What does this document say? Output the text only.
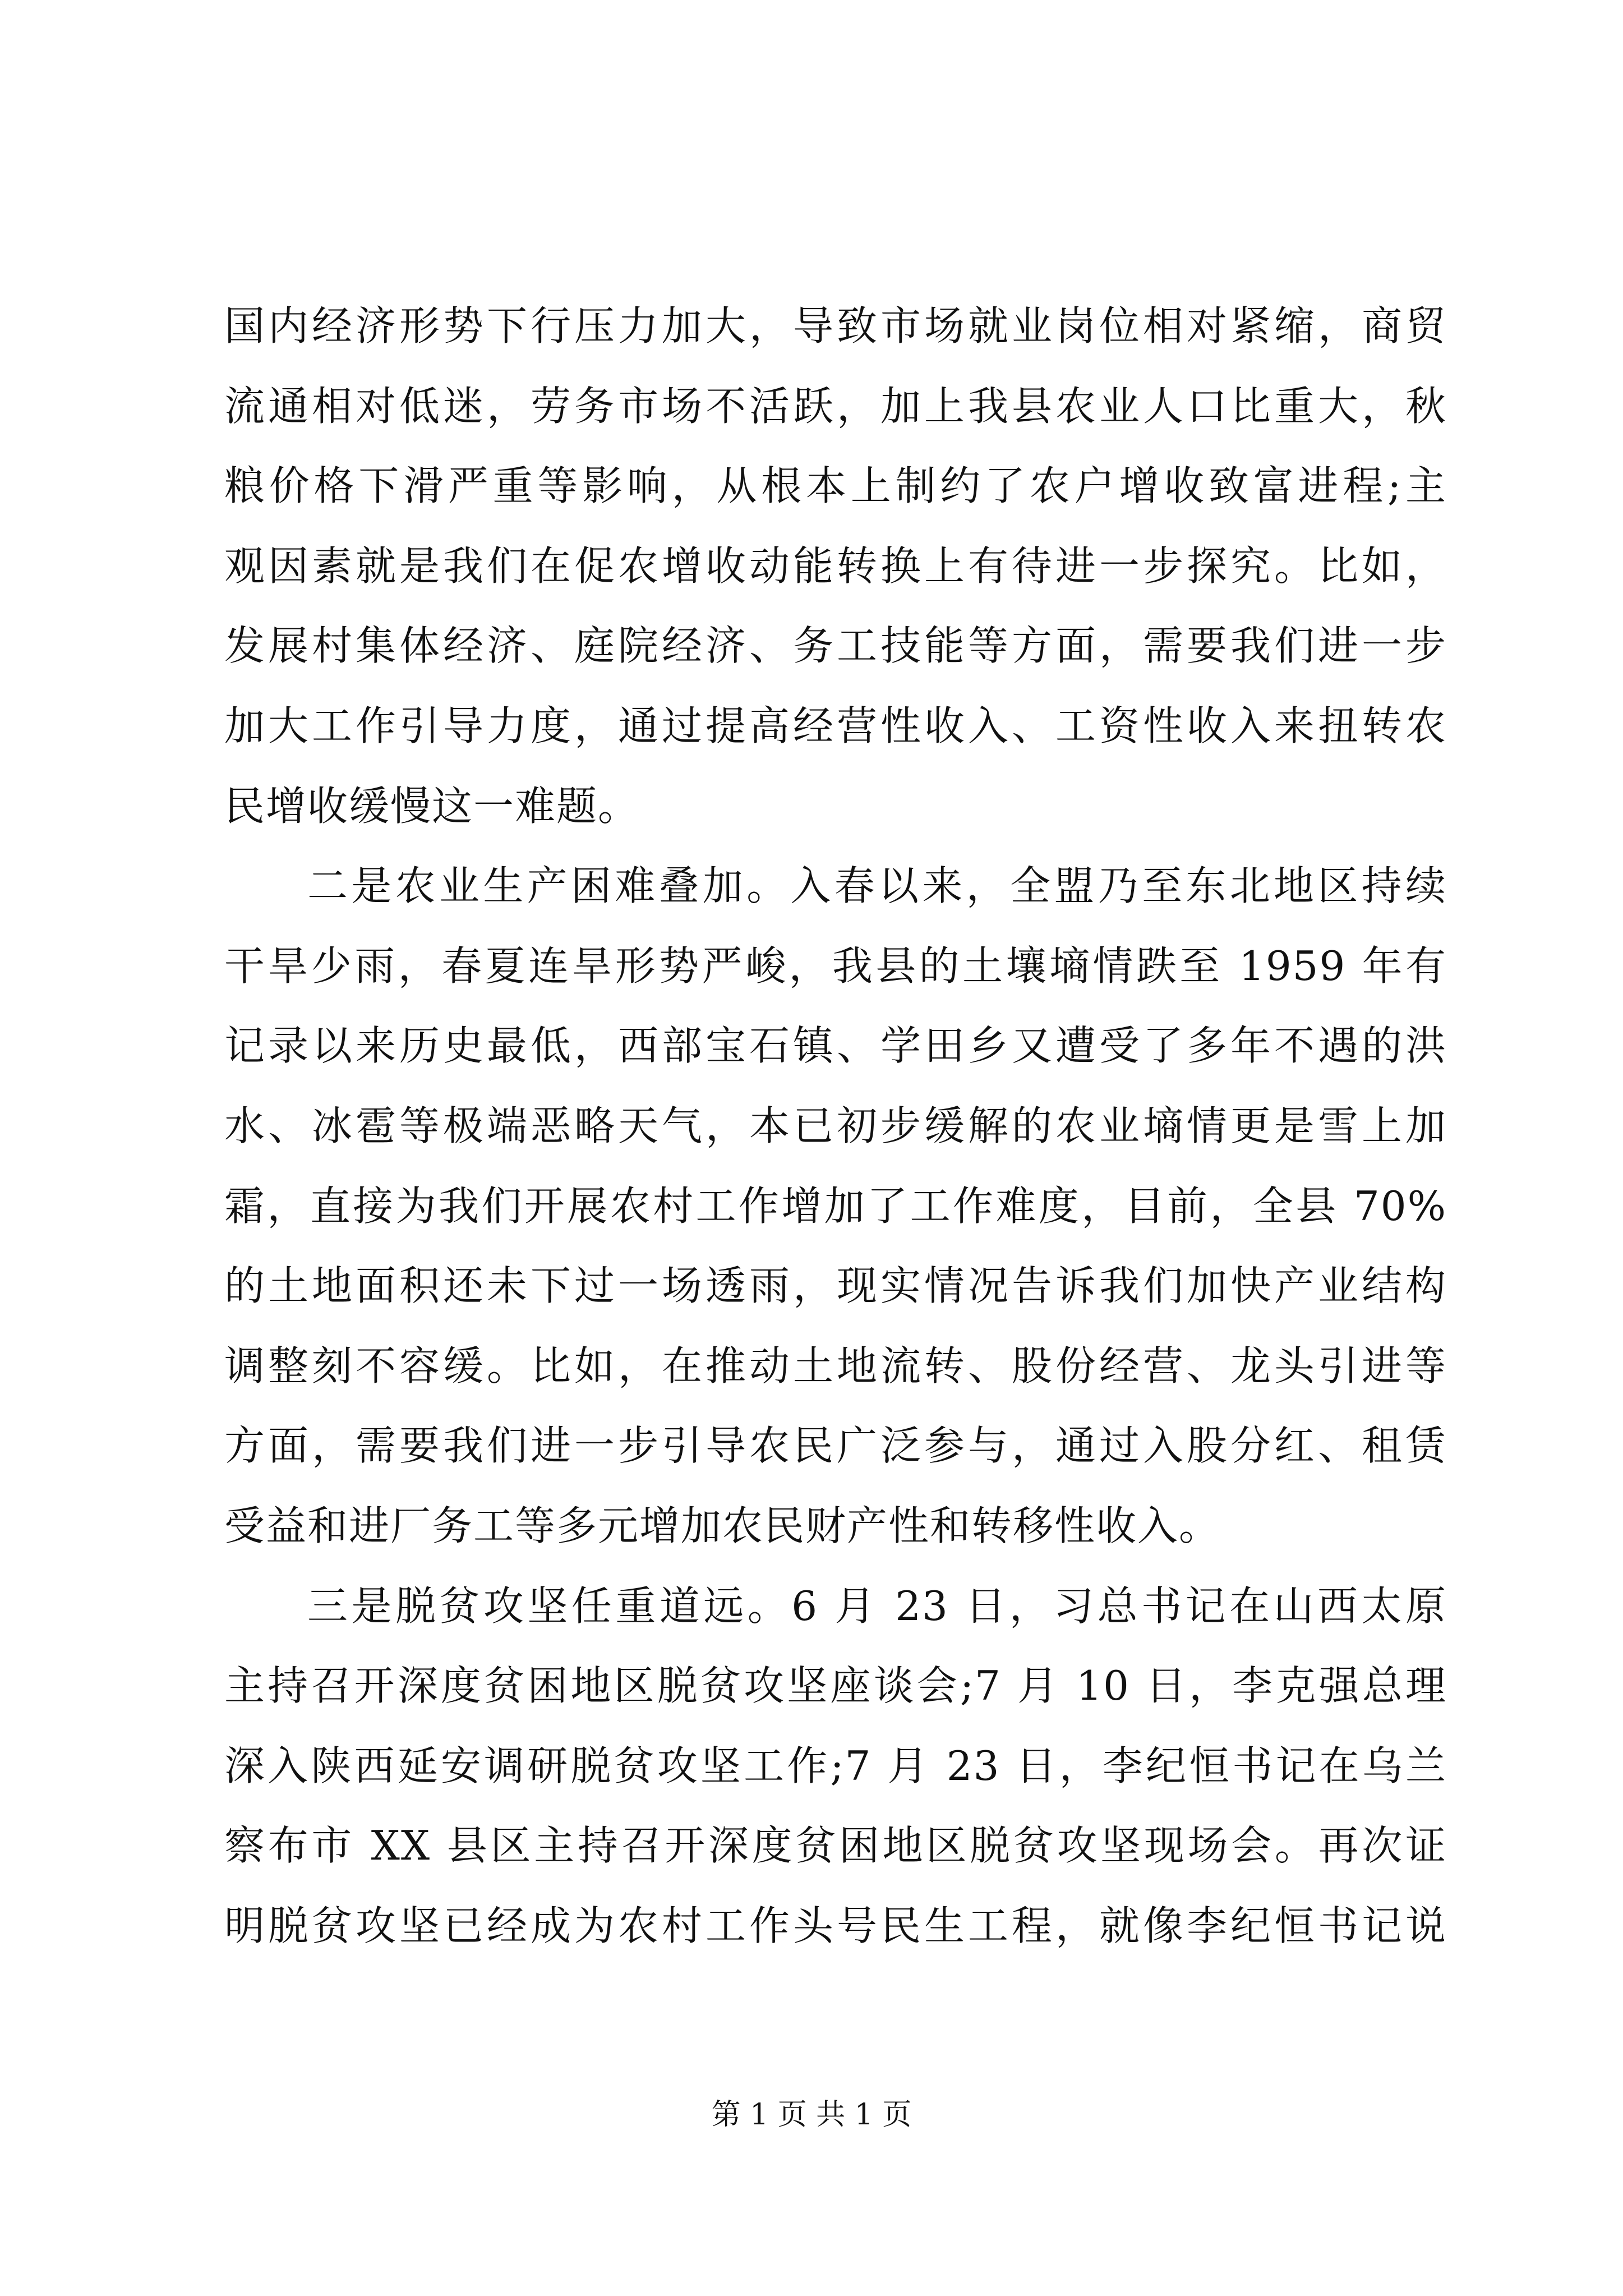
国内经济形势下行压力加大，导致市场就业岗位相对紧缩，商贸
流通相对低迷，劳务市场不活跃，加上我县农业人口比重大，秋
粮价格下滑严重等影响，从根本上制约了农户增收致富进程;主
观因素就是我们在促农增收动能转换上有待进一步探究。比如，
发展村集体经济、庭院经济、务工技能等方面，需要我们进一步
加大工作引导力度，通过提高经营性收入、工资性收入来扭转农
民增收缓慢这一难题。
二是农业生产困难叠加。入春以来，全盟乃至东北地区持续
干旱少雨，春夏连旱形势严峻，我县的土壤墒情跌至 1959 年有
记录以来历史最低，西部宝石镇、学田乡又遭受了多年不遇的洪
水、冰雹等极端恶略天气，本已初步缓解的农业墒情更是雪上加
霜，直接为我们开展农村工作增加了工作难度，目前，全县 70%
的土地面积还未下过一场透雨，现实情况告诉我们加快产业结构
调整刻不容缓。比如，在推动土地流转、股份经营、龙头引进等
方面，需要我们进一步引导农民广泛参与，通过入股分红、租赁
受益和进厂务工等多元增加农民财产性和转移性收入。
三是脱贫攻坚任重道远。6 月 23 日，习总书记在山西太原
主持召开深度贫困地区脱贫攻坚座谈会;7 月 10 日，李克强总理
深入陕西延安调研脱贫攻坚工作;7 月 23 日，李纪恒书记在乌兰
察布市 XX 县区主持召开深度贫困地区脱贫攻坚现场会。再次证
明脱贫攻坚已经成为农村工作头号民生工程，就像李纪恒书记说
第 1 页 共 1 页
